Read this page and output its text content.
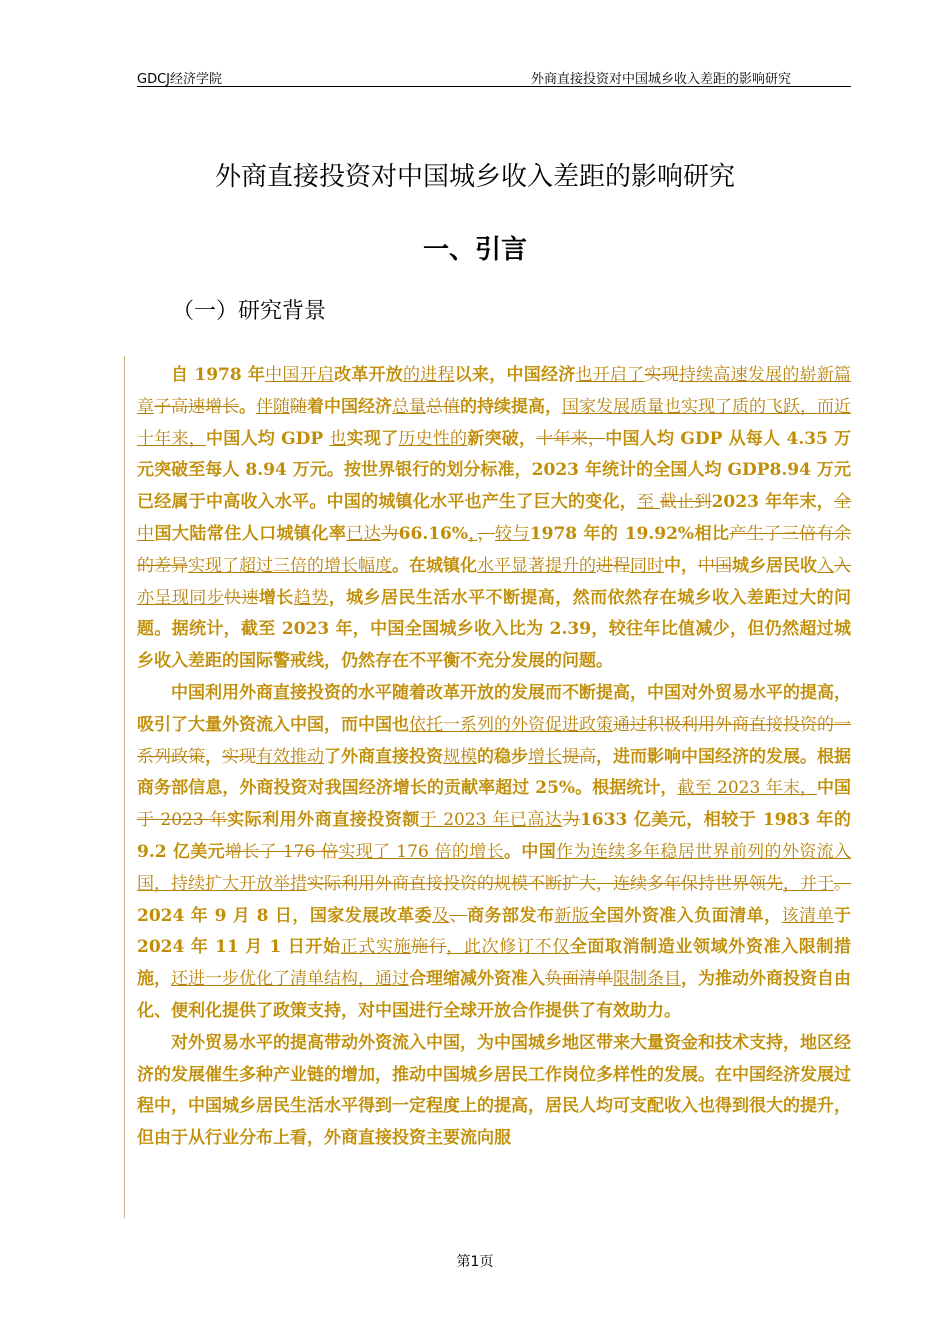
GDCJ经济学院	外商直接投资对中国城乡收入差距的影响研究
外商直接投资对中国城乡收入差距的影响研究
一、引言
（一）研究背景

自 1978 年中国开启改革开放的进程以来，中国经济也开启了实现持续高速发展的崭新篇章子高速增长。伴随随着中国经济总量总值的持续提高，国家发展质量也实现了质的飞跃，而近十年来，中国人均 GDP 也实现了历史性的新突破，十年来，中国人均 GDP 从每人 4.35 万元突破至每人 8.94 万元。按世界银行的划分标准，2023 年统计的全国人均 GDP8.94 万元已经属于中高收入水平。中国的城镇化水平也产生了巨大的变化，至 截止到2023 年年末，全中国大陆常住人口城镇化率已达为66.16%，，较与1978 年的 19.92%相比产生了三倍有余的差异实现了超过三倍的增长幅度。在城镇化水平显著提升的进程同时中，中国城乡居民收入入亦呈现同步快速增长趋势，城乡居民生活水平不断提高，然而依然存在城乡收入差距过大的问题。据统计，截至 2023 年，中国全国城乡收入比为 2.39，较往年比值减少，但仍然超过城乡收入差距的国际警戒线，仍然存在不平衡不充分发展的问题。

中国利用外商直接投资的水平随着改革开放的发展而不断提高，中国对外贸易水平的提高，吸引了大量外资流入中国，而中国也依托一系列的外资促进政策通过积极利用外商直接投资的一系列政策，实现有效推动了外商直接投资规模的稳步增长提高，进而影响中国经济的发展。根据商务部信息，外商投资对我国经济增长的贡献率超过 25%。根据统计，截至 2023 年末，中国于 2023 年实际利用外商直接投资额于 2023 年已高达为1633 亿美元，相较于 1983 年的 9.2 亿美元增长了 176 倍实现了 176 倍的增长。中国作为连续多年稳居世界前列的外资流入国，持续扩大开放举措实际利用外商直接投资的规模不断扩大，连续多年保持世界领先，并于。2024 年 9 月 8 日，国家发展改革委及、商务部发布新版全国外资准入负面清单，该清单于 2024 年 11 月 1 日开始正式实施施行，此次修订不仅全面取消制造业领域外资准入限制措施，还进一步优化了清单结构，通过合理缩减外资准入负面清单限制条目，为推动外商投资自由化、便利化提供了政策支持，对中国进行全球开放合作提供了有效助力。

对外贸易水平的提高带动外资流入中国，为中国城乡地区带来大量资金和技术支持，地区经济的发展催生多种产业链的增加，推动中国城乡居民工作岗位多样性的发展。在中国经济发展过程中，中国城乡居民生活水平得到一定程度上的提高，居民人均可支配收入也得到很大的提升，但由于从行业分布上看，外商直接投资主要流向服

第1页
